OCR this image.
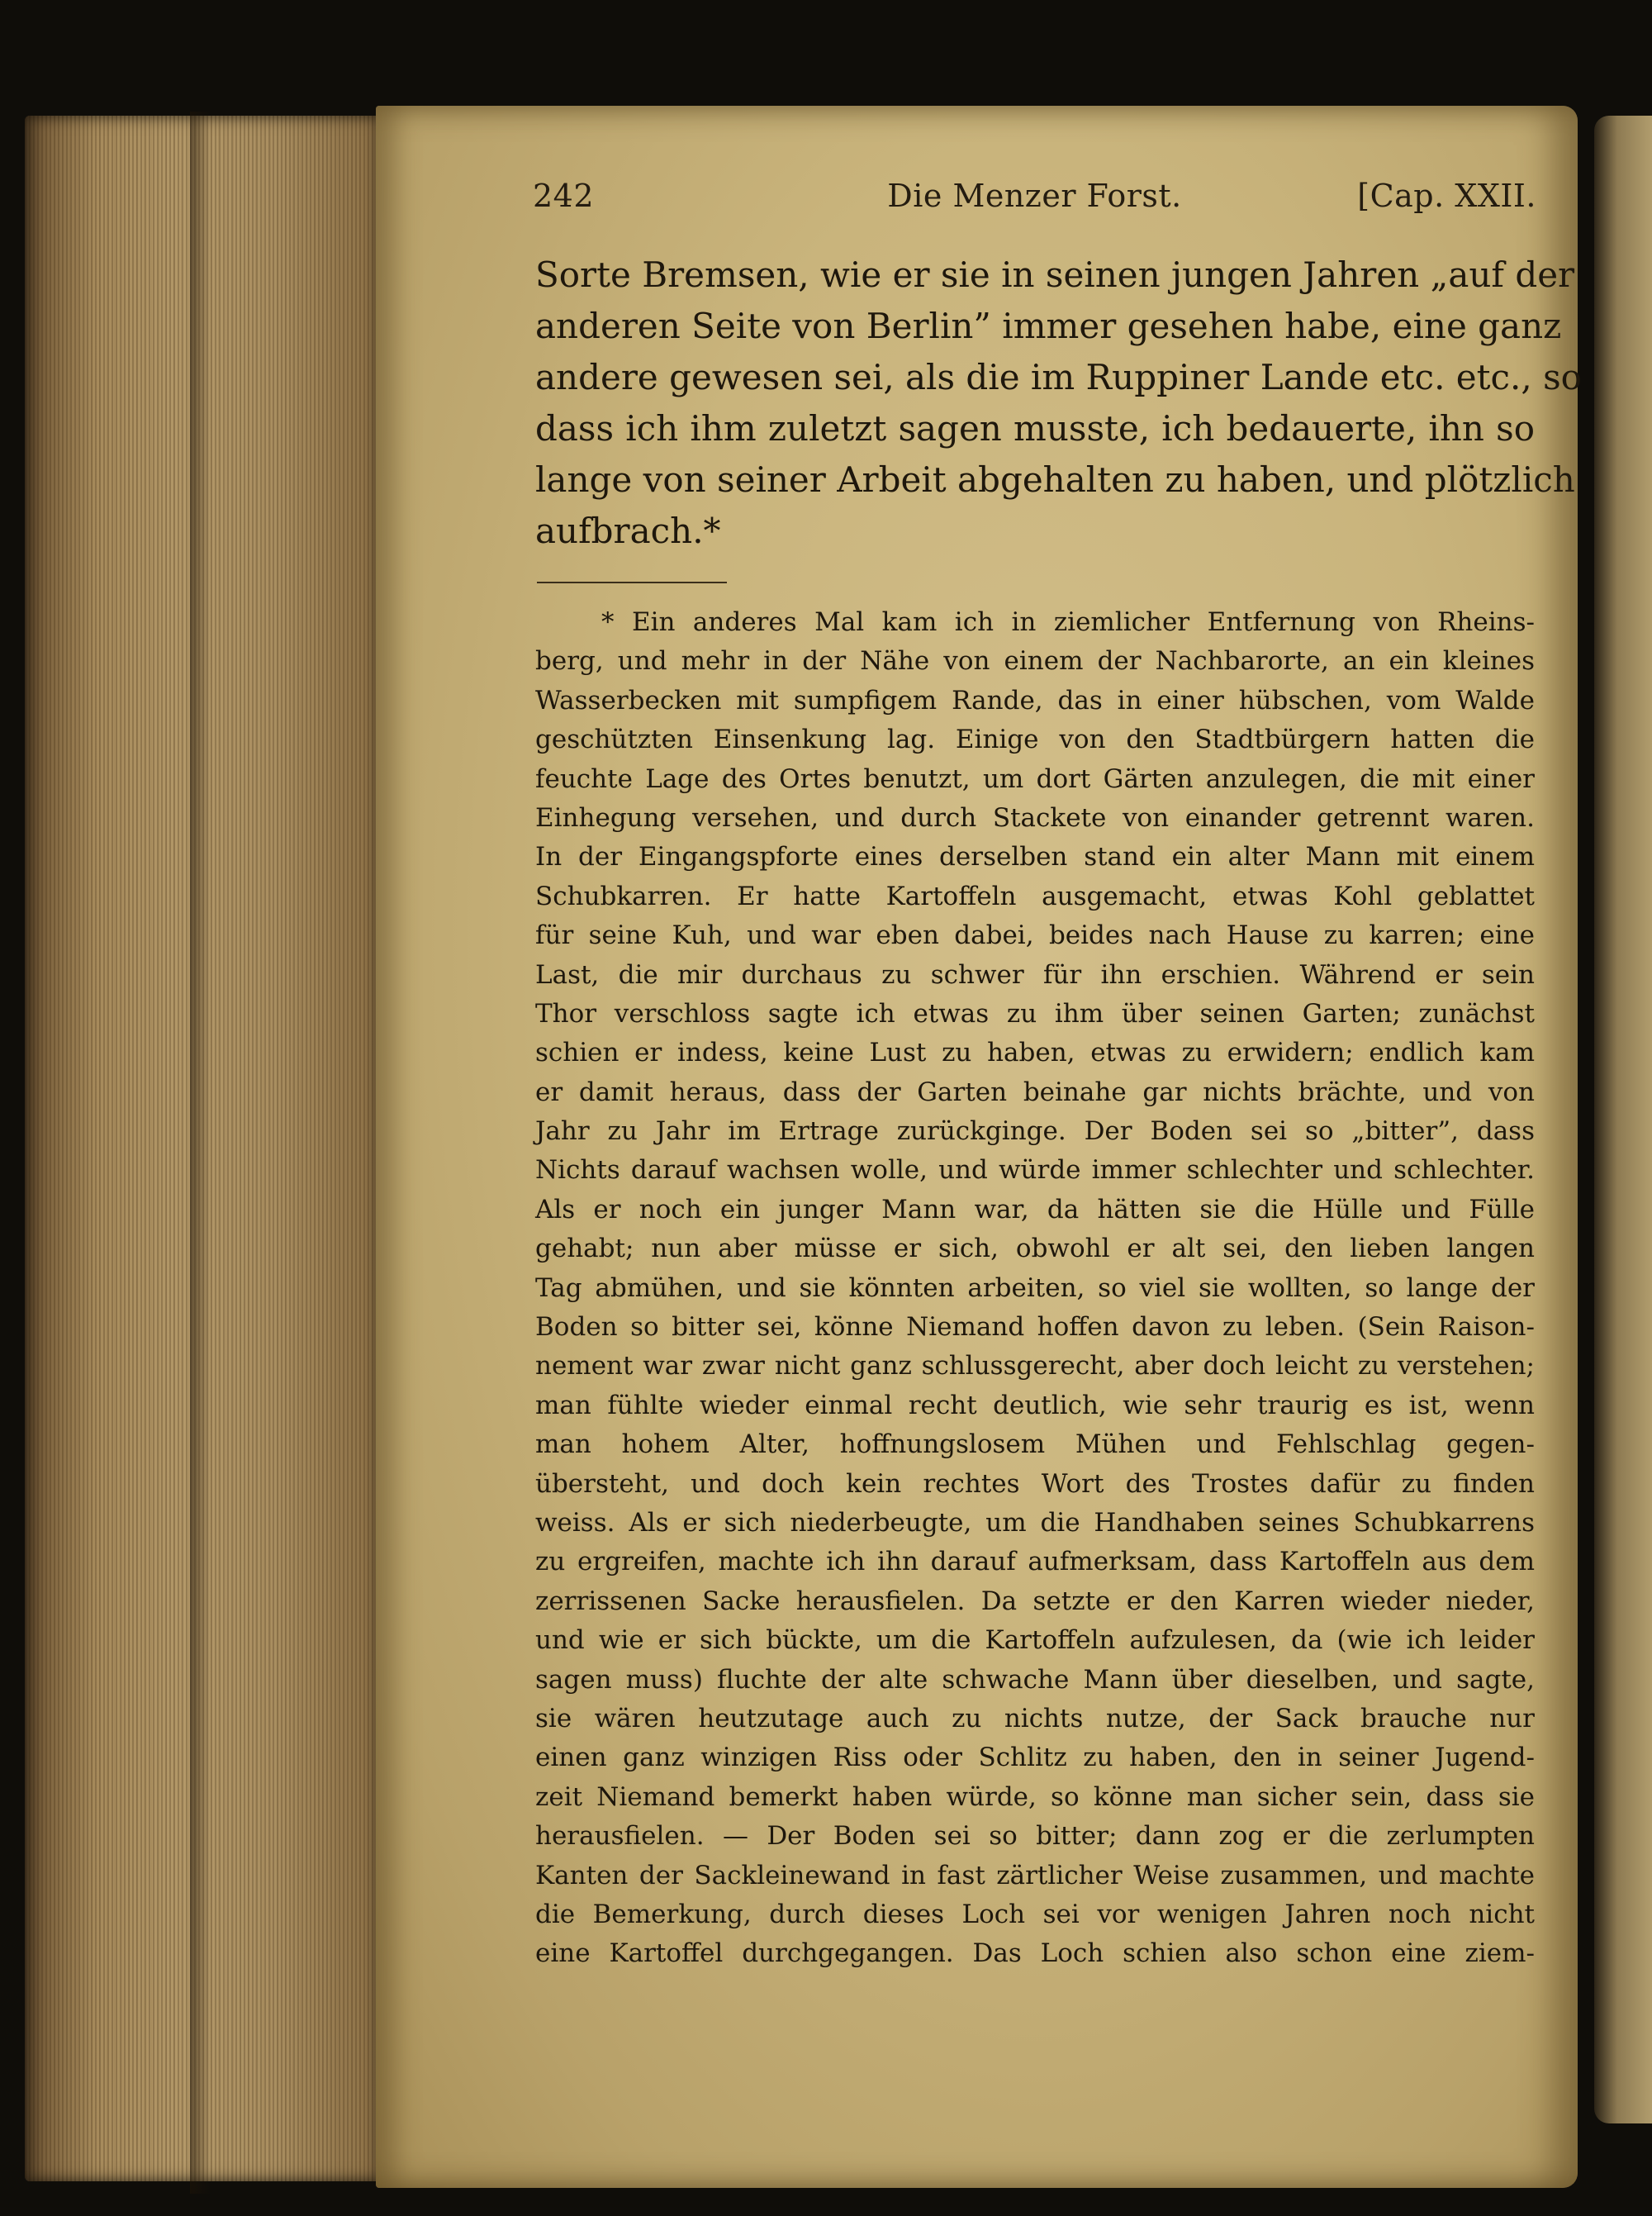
242	Die Menzer Forst.	[Cap. XXII.
Sorte Bremsen, wie er sie in seinen jungen Jahren „auf der
anderen Seite von Berlin” immer gesehen habe, eine ganz
andere gewesen sei, als die im Ruppiner Lande etc. etc., so
dass ich ihm zuletzt sagen musste, ich bedauerte, ihn so
lange von seiner Arbeit abgehalten zu haben, und plötzlich
aufbrach.*
* Ein anderes Mal kam ich in ziemlicher Entfernung von Rheins-
berg, und mehr in der Nähe von einem der Nachbarorte, an ein kleines
Wasserbecken mit sumpfigem Rande, das in einer hübschen, vom Walde
geschützten Einsenkung lag. Einige von den Stadtbürgern hatten die
feuchte Lage des Ortes benutzt, um dort Gärten anzulegen, die mit einer
Einhegung versehen, und durch Stackete von einander getrennt waren.
In der Eingangspforte eines derselben stand ein alter Mann mit einem
Schubkarren. Er hatte Kartoffeln ausgemacht, etwas Kohl geblattet
für seine Kuh, und war eben dabei, beides nach Hause zu karren; eine
Last, die mir durchaus zu schwer für ihn erschien. Während er sein
Thor verschloss sagte ich etwas zu ihm über seinen Garten; zunächst
schien er indess, keine Lust zu haben, etwas zu erwidern; endlich kam
er damit heraus, dass der Garten beinahe gar nichts brächte, und von
Jahr zu Jahr im Ertrage zurückginge. Der Boden sei so „bitter”, dass
Nichts darauf wachsen wolle, und würde immer schlechter und schlechter.
Als er noch ein junger Mann war, da hätten sie die Hülle und Fülle
gehabt; nun aber müsse er sich, obwohl er alt sei, den lieben langen
Tag abmühen, und sie könnten arbeiten, so viel sie wollten, so lange der
Boden so bitter sei, könne Niemand hoffen davon zu leben. (Sein Raison-
nement war zwar nicht ganz schlussgerecht, aber doch leicht zu verstehen;
man fühlte wieder einmal recht deutlich, wie sehr traurig es ist, wenn
man hohem Alter, hoffnungslosem Mühen und Fehlschlag gegen-
übersteht, und doch kein rechtes Wort des Trostes dafür zu finden
weiss. Als er sich niederbeugte, um die Handhaben seines Schubkarrens
zu ergreifen, machte ich ihn darauf aufmerksam, dass Kartoffeln aus dem
zerrissenen Sacke herausfielen. Da setzte er den Karren wieder nieder,
und wie er sich bückte, um die Kartoffeln aufzulesen, da (wie ich leider
sagen muss) fluchte der alte schwache Mann über dieselben, und sagte,
sie wären heutzutage auch zu nichts nutze, der Sack brauche nur
einen ganz winzigen Riss oder Schlitz zu haben, den in seiner Jugend-
zeit Niemand bemerkt haben würde, so könne man sicher sein, dass sie
herausfielen. — Der Boden sei so bitter; dann zog er die zerlumpten
Kanten der Sackleinewand in fast zärtlicher Weise zusammen, und machte
die Bemerkung, durch dieses Loch sei vor wenigen Jahren noch nicht
eine Kartoffel durchgegangen. Das Loch schien also schon eine ziem-
